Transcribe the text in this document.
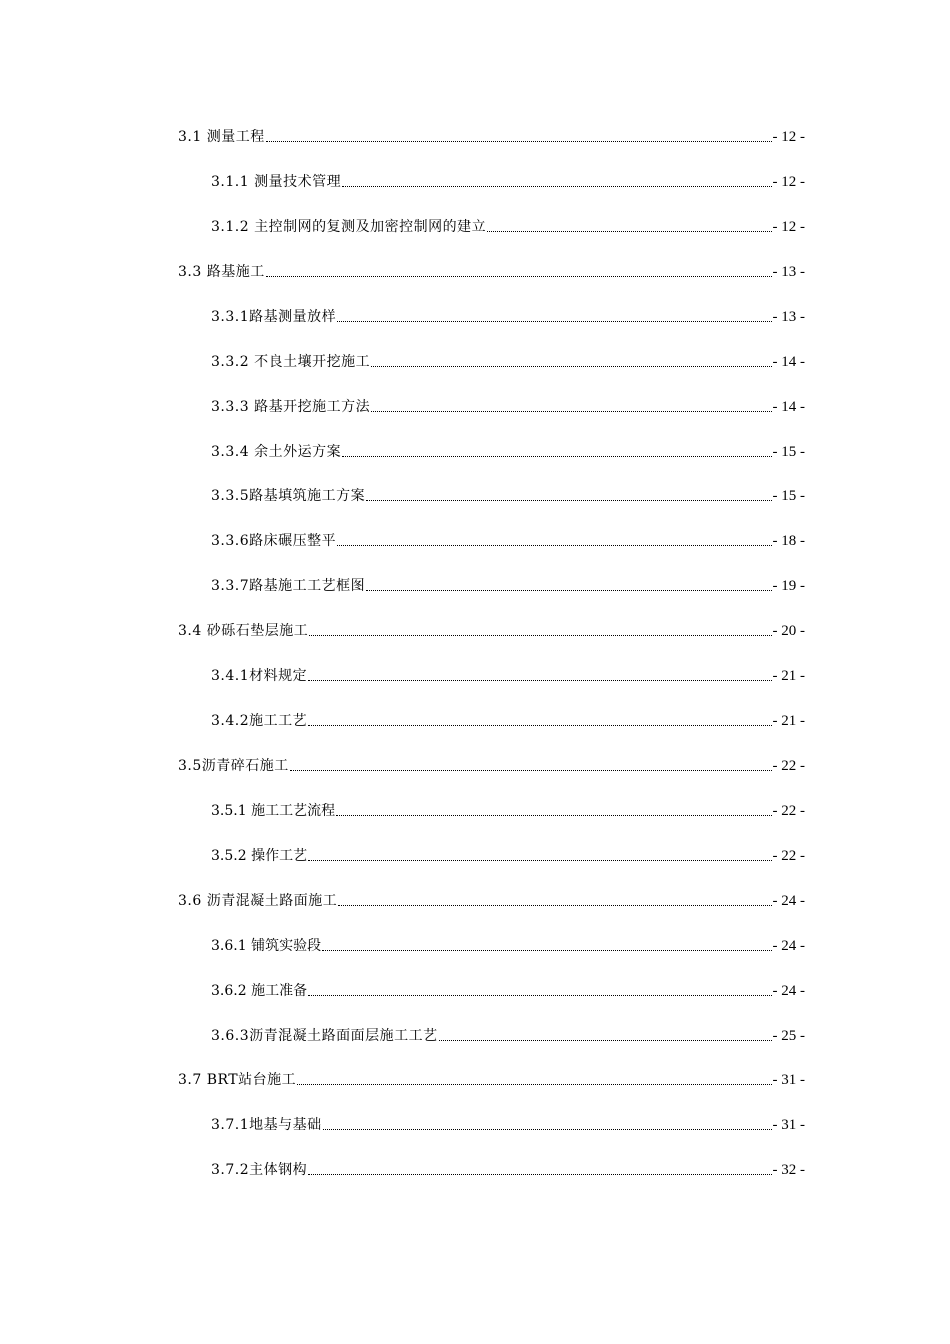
3.1 测量工程	- 12 -
3.1.1 测量技术管理	- 12 -
3.1.2 主控制网的复测及加密控制网的建立	- 12 -
3.3 路基施工	- 13 -
3.3.1路基测量放样	- 13 -
3.3.2 不良土壤开挖施工	- 14 -
3.3.3 路基开挖施工方法	- 14 -
3.3.4 余土外运方案	- 15 -
3.3.5路基填筑施工方案	- 15 -
3.3.6路床碾压整平	- 18 -
3.3.7路基施工工艺框图	- 19 -
3.4 砂砾石垫层施工	- 20 -
3.4.1材料规定	- 21 -
3.4.2施工工艺	- 21 -
3.5沥青碎石施工	- 22 -
3.5.1 施工工艺流程	- 22 -
3.5.2 操作工艺	- 22 -
3.6 沥青混凝土路面施工	- 24 -
3.6.1 铺筑实验段	- 24 -
3.6.2 施工准备	- 24 -
3.6.3沥青混凝土路面面层施工工艺	- 25 -
3.7 BRT站台施工	- 31 -
3.7.1地基与基础	- 31 -
3.7.2主体钢构	- 32 -
